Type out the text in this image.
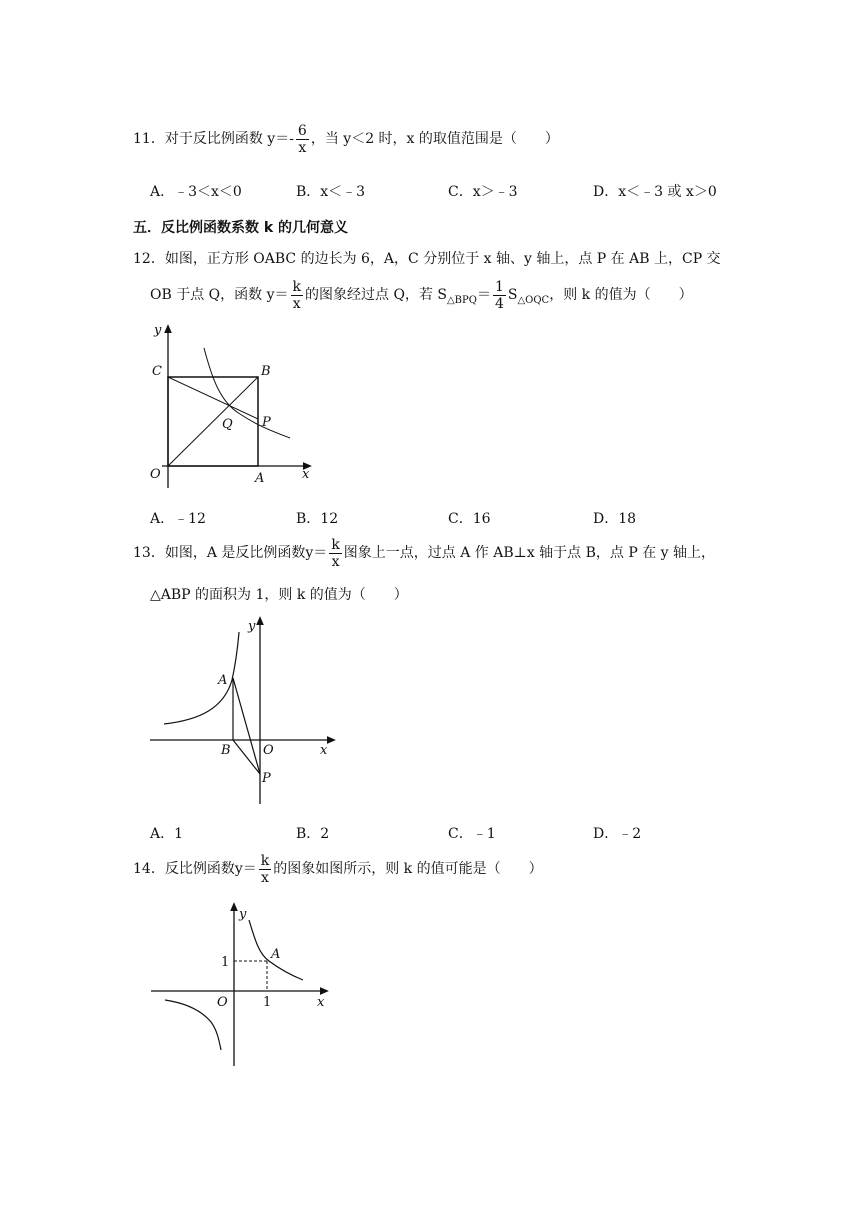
11．对于反比例函数 $y=- \frac{6}{x}$ ，当 y＜2 时，x 的取值范围是（　　）
A．﹣3＜x＜0	B．x＜﹣3	C．x＞﹣3	D．x＜﹣3 或 x＞0
五．反比例函数系数 k 的几何意义
12．如图，正方形 OABC 的边长为 6，A，C 分别位于 x 轴、y 轴上，点 P 在 AB 上，CP 交
OB 于点 Q，函数 $y= \frac{k}{x}$ 的图象经过点 Q，若 $S_{\triangle BPQ}= \frac{1}{4} S_{\triangle OQC}$，则 k 的值为（　　）
y
C	B
Q P
O	A	x
A．﹣12	B．12	C．16	D．18
13．如图，A 是反比例函数$y= \frac{k}{x}$ 图象上一点，过点 A 作 AB⊥x 轴于点 B，点 P 在 y 轴上，
△ABP 的面积为 1，则 k 的值为（　　）
y
A
B O	x
P
A．1	B．2	C．﹣1	D．﹣2
14．反比例函数$y= \frac{k}{x}$ 的图象如图所示，则 k 的值可能是（　　）
y
A
1
O	1	x
